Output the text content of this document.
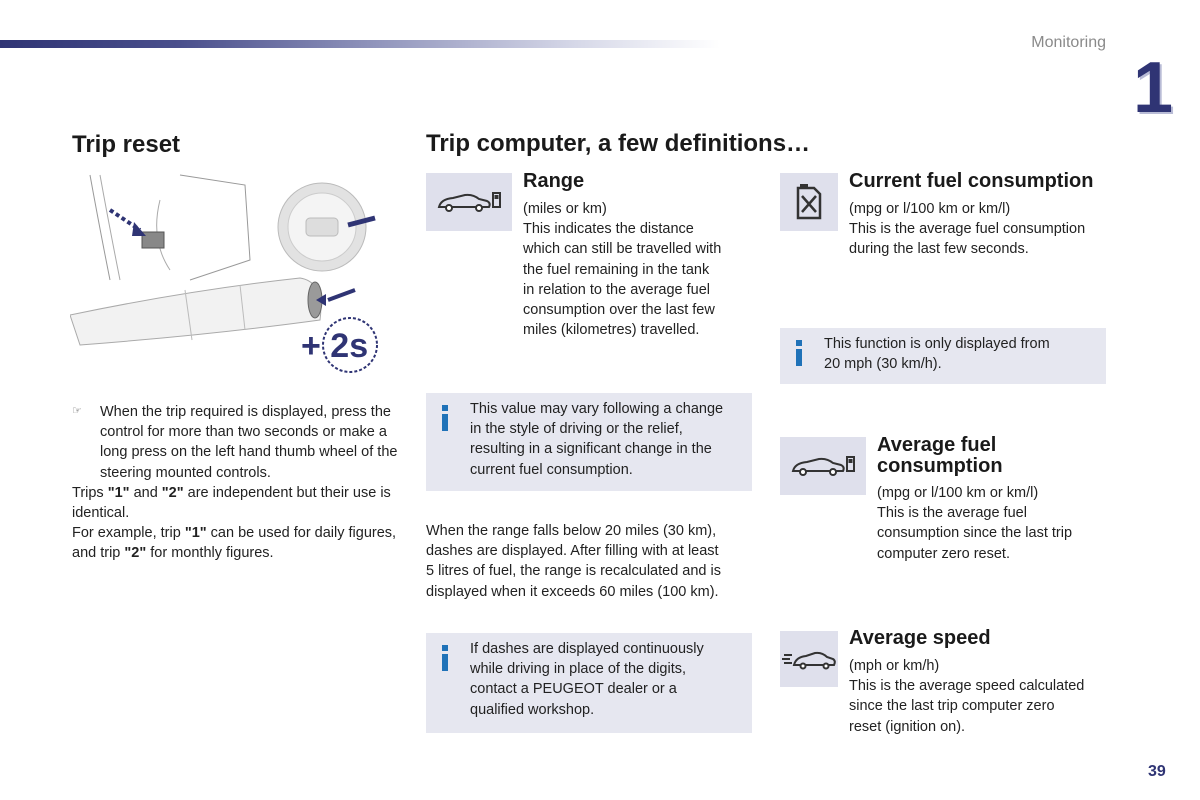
Monitoring
1
Trip reset
+ 2s
☞ When the trip required is displayed, press the control for more than two seconds or make a long press on the left hand thumb wheel of the steering mounted controls.
Trips "1" and "2" are independent but their use is identical.
For example, trip "1" can be used for daily figures, and trip "2" for monthly figures.
Trip computer, a few definitions…
Range
(miles or km)
This indicates the distance
which can still be travelled with
the fuel remaining in the tank
in relation to the average fuel
consumption over the last few
miles (kilometres) travelled.
This value may vary following a change
in the style of driving or the relief,
resulting in a significant change in the
current fuel consumption.
When the range falls below 20 miles (30 km),
dashes are displayed. After filling with at least
5 litres of fuel, the range is recalculated and is
displayed when it exceeds 60 miles (100 km).
If dashes are displayed continuously
while driving in place of the digits,
contact a PEUGEOT dealer or a
qualified workshop.
Current fuel consumption
(mpg or l/100 km or km/l)
This is the average fuel consumption
during the last few seconds.
This function is only displayed from
20 mph (30 km/h).
Average fuel
consumption
(mpg or l/100 km or km/l)
This is the average fuel
consumption since the last trip
computer zero reset.
Average speed
(mph or km/h)
This is the average speed calculated
since the last trip computer zero
reset (ignition on).
39
